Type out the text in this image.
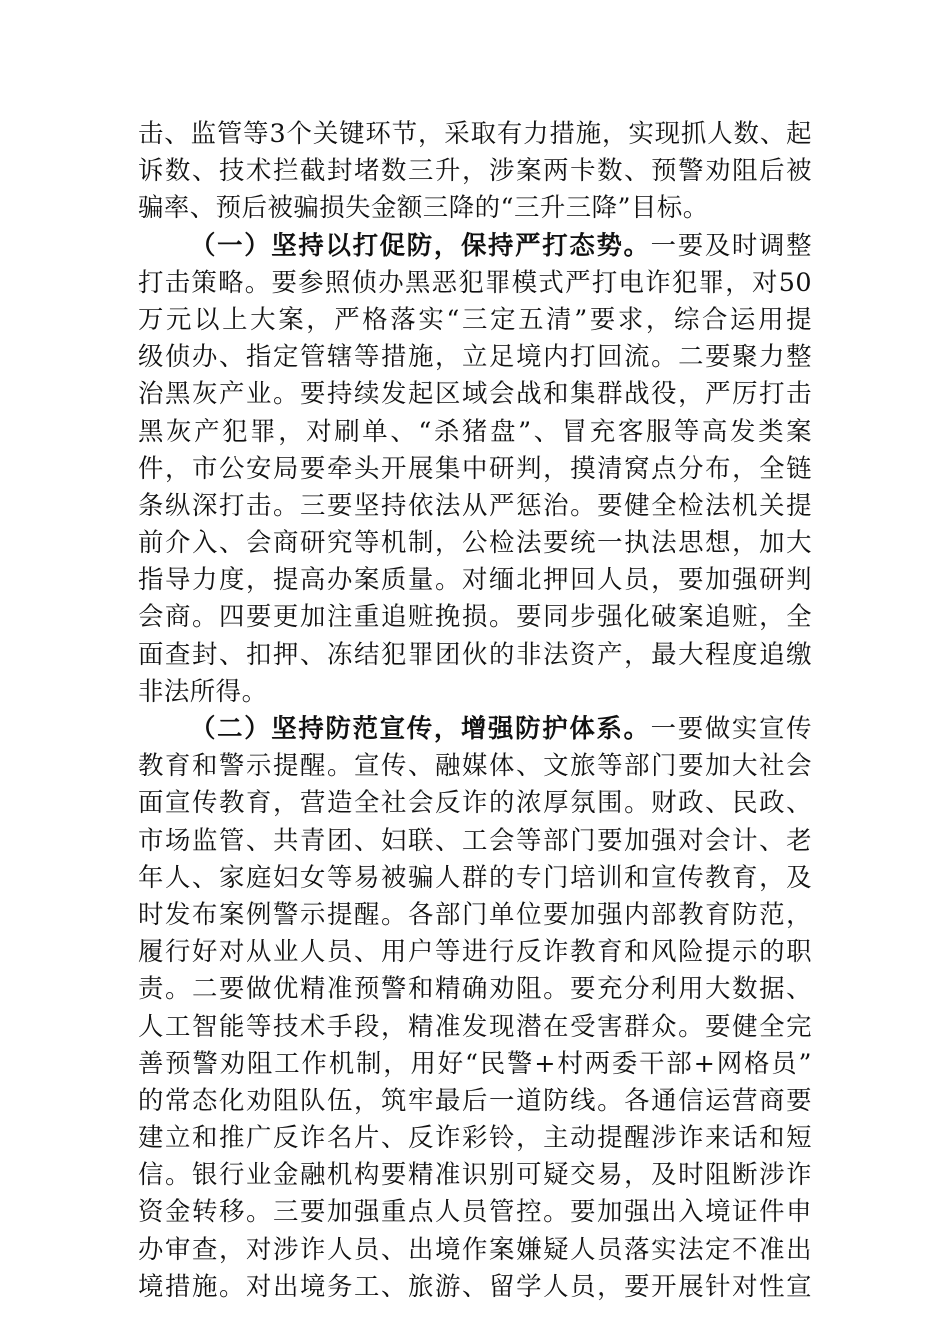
击、监管等3个关键环节，采取有力措施，实现抓人数、起
诉数、技术拦截封堵数三升，涉案两卡数、预警劝阻后被
骗率、预后被骗损失金额三降的“三升三降”目标。
（一）坚持以打促防，保持严打态势。一要及时调整
打击策略。要参照侦办黑恶犯罪模式严打电诈犯罪，对50
万元以上大案，严格落实“三定五清”要求，综合运用提
级侦办、指定管辖等措施，立足境内打回流。二要聚力整
治黑灰产业。要持续发起区域会战和集群战役，严厉打击
黑灰产犯罪，对刷单、“杀猪盘”、冒充客服等高发类案
件，市公安局要牵头开展集中研判，摸清窝点分布，全链
条纵深打击。三要坚持依法从严惩治。要健全检法机关提
前介入、会商研究等机制，公检法要统一执法思想，加大
指导力度，提高办案质量。对缅北押回人员，要加强研判
会商。四要更加注重追赃挽损。要同步强化破案追赃，全
面查封、扣押、冻结犯罪团伙的非法资产，最大程度追缴
非法所得。
（二）坚持防范宣传，增强防护体系。一要做实宣传
教育和警示提醒。宣传、融媒体、文旅等部门要加大社会
面宣传教育，营造全社会反诈的浓厚氛围。财政、民政、
市场监管、共青团、妇联、工会等部门要加强对会计、老
年人、家庭妇女等易被骗人群的专门培训和宣传教育，及
时发布案例警示提醒。各部门单位要加强内部教育防范，
履行好对从业人员、用户等进行反诈教育和风险提示的职
责。二要做优精准预警和精确劝阻。要充分利用大数据、
人工智能等技术手段，精准发现潜在受害群众。要健全完
善预警劝阻工作机制，用好“民警+村两委干部+网格员”
的常态化劝阻队伍，筑牢最后一道防线。各通信运营商要
建立和推广反诈名片、反诈彩铃，主动提醒涉诈来话和短
信。银行业金融机构要精准识别可疑交易，及时阻断涉诈
资金转移。三要加强重点人员管控。要加强出入境证件申
办审查，对涉诈人员、出境作案嫌疑人员落实法定不准出
境措施。对出境务工、旅游、留学人员，要开展针对性宣
